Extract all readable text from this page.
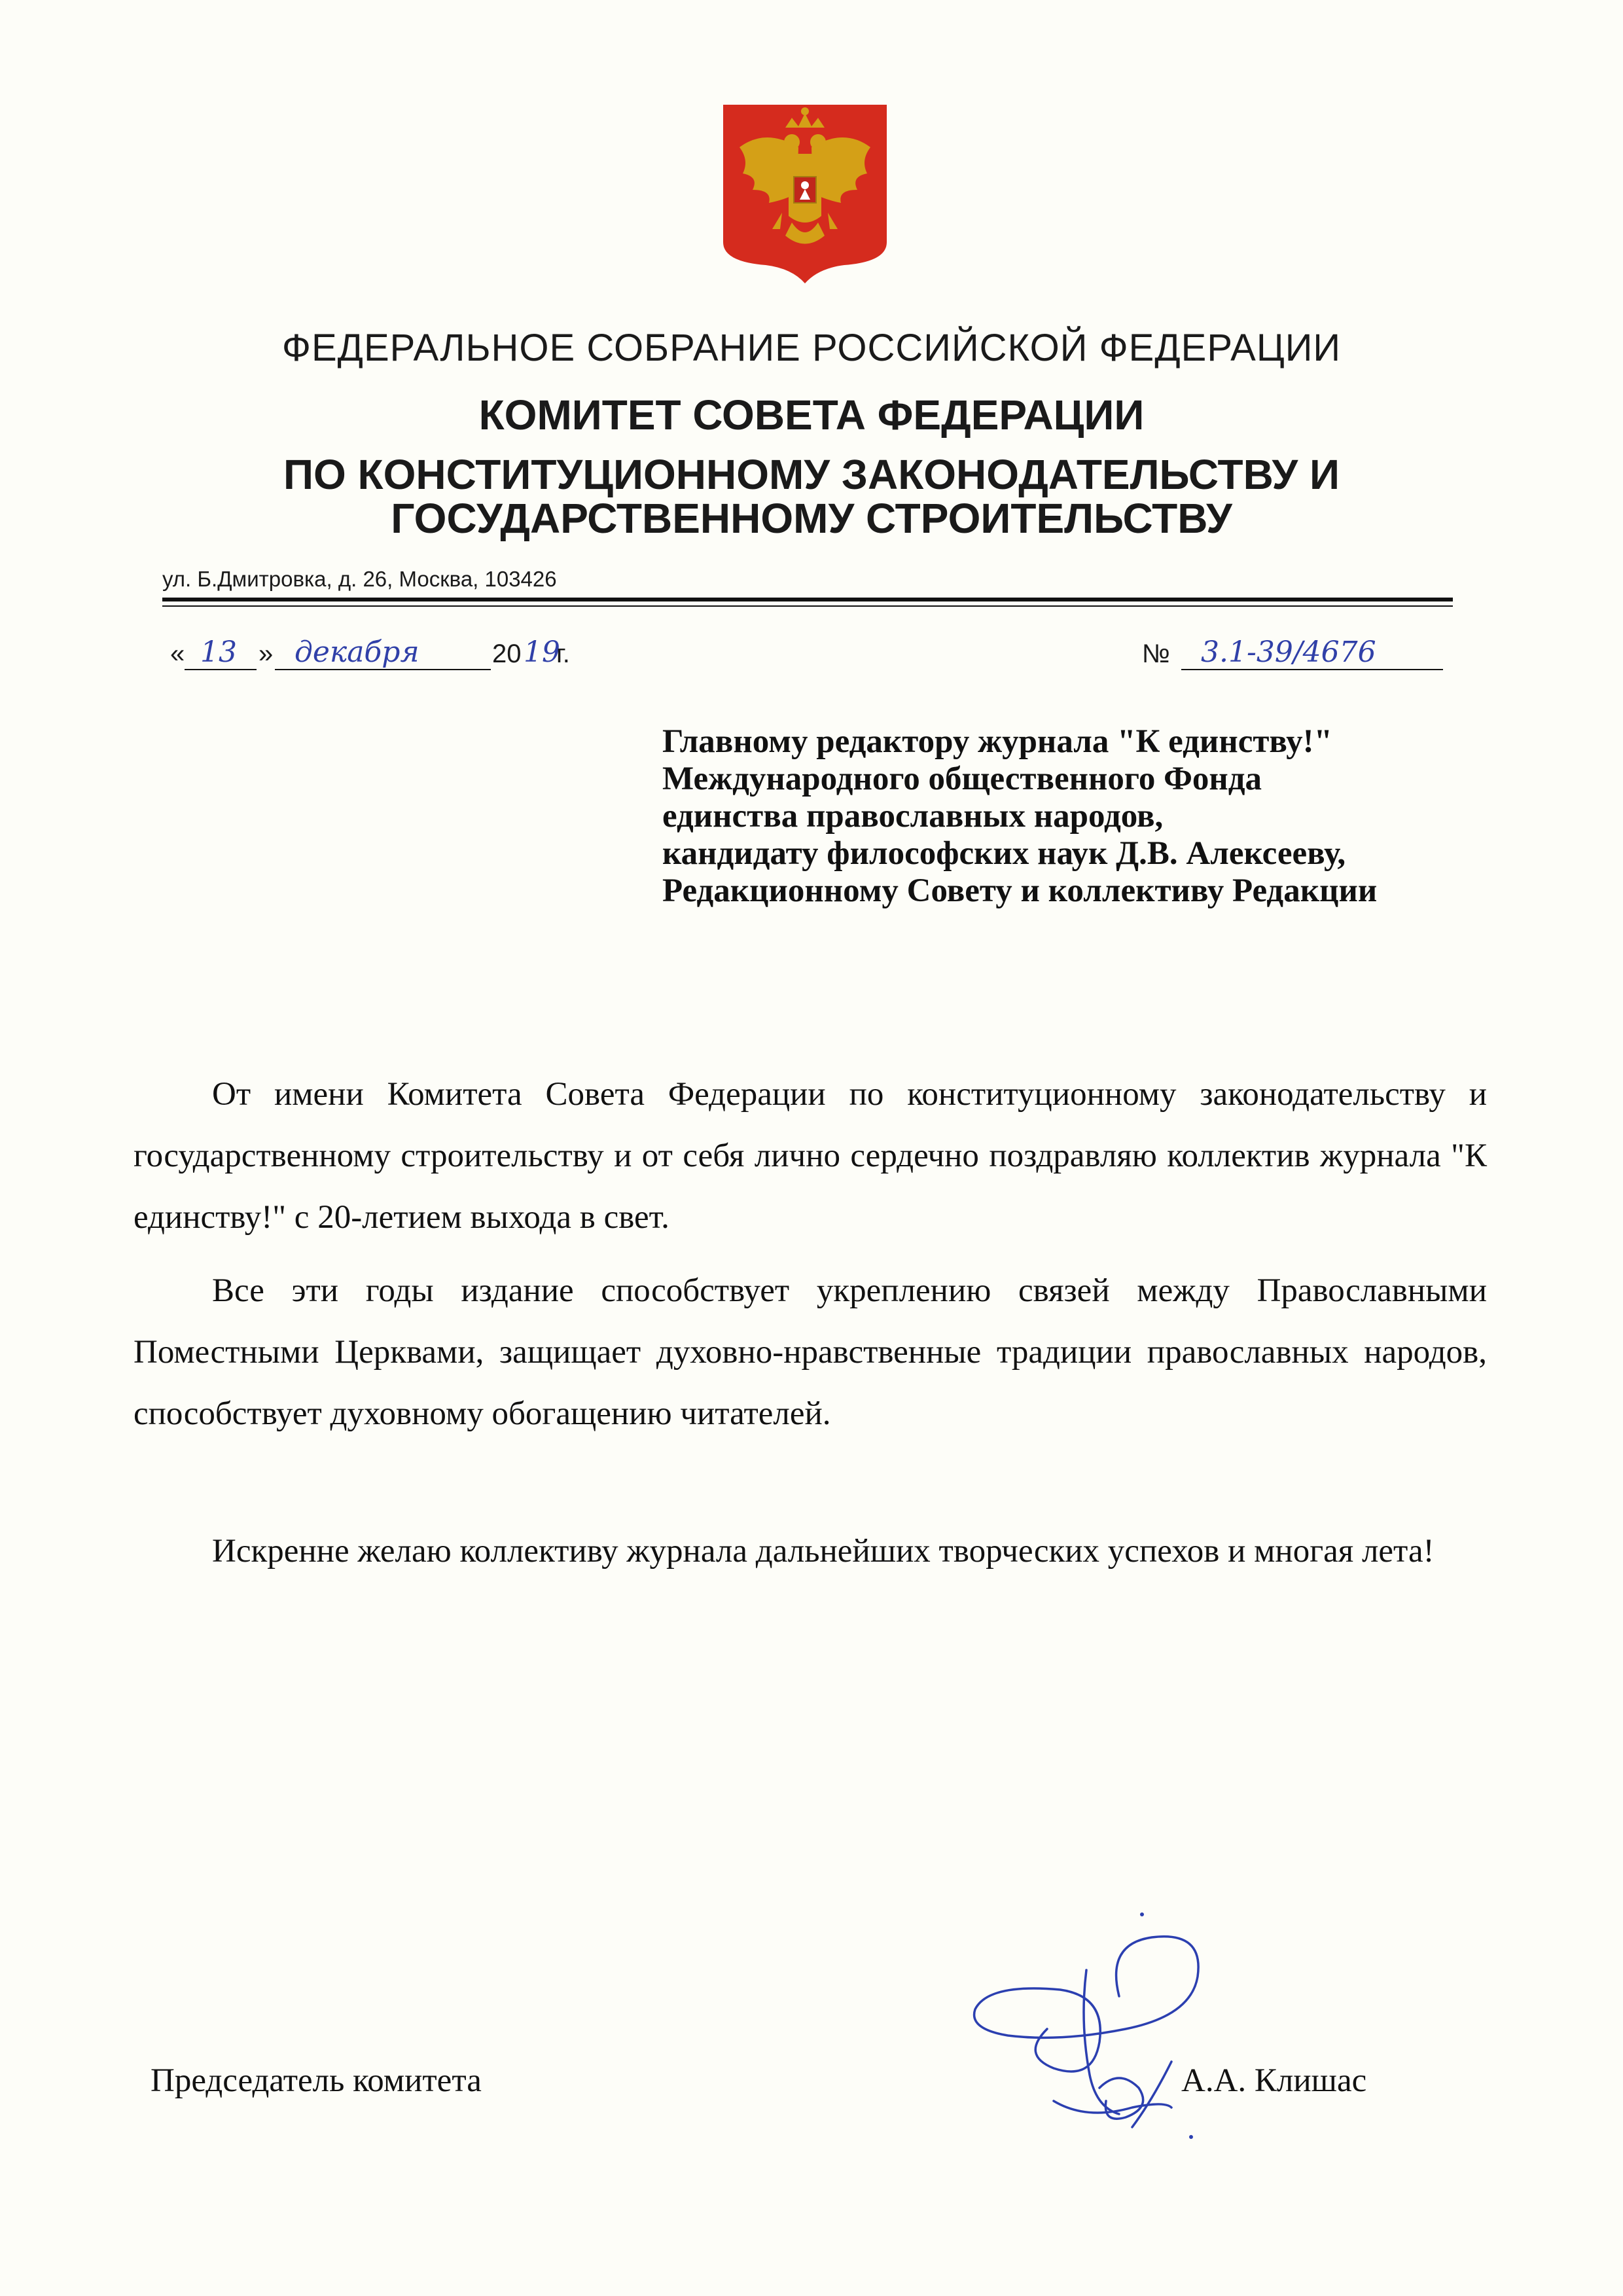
ФЕДЕРАЛЬНОЕ СОБРАНИЕ РОССИЙСКОЙ ФЕДЕРАЦИИ
КОМИТЕТ СОВЕТА ФЕДЕРАЦИИ
ПО КОНСТИТУЦИОННОМУ ЗАКОНОДАТЕЛЬСТВУ И
ГОСУДАРСТВЕННОМУ СТРОИТЕЛЬСТВУ
ул. Б.Дмитровка, д. 26, Москва, 103426
« 13 » декабря	20 19
г.	№ 3.1-39/4676
Главному редактору журнала "К единству!"
Международного общественного Фонда
единства православных народов,
кандидату философских наук Д.В. Алексееву,
Редакционному Совету и коллективу Редакции
От имени Комитета Совета Федерации по конституционному законодательству и государственному строительству и от себя лично сердечно поздравляю коллектив журнала "К единству!" с 20-летием выхода в свет.
Все эти годы издание способствует укреплению связей между Православными Поместными Церквами, защищает духовно-нравственные традиции православных народов, способствует духовному обогащению читателей.
Искренне желаю коллективу журнала дальнейших творческих успехов и многая лета!
Председатель комитета	А.А. Клишас
